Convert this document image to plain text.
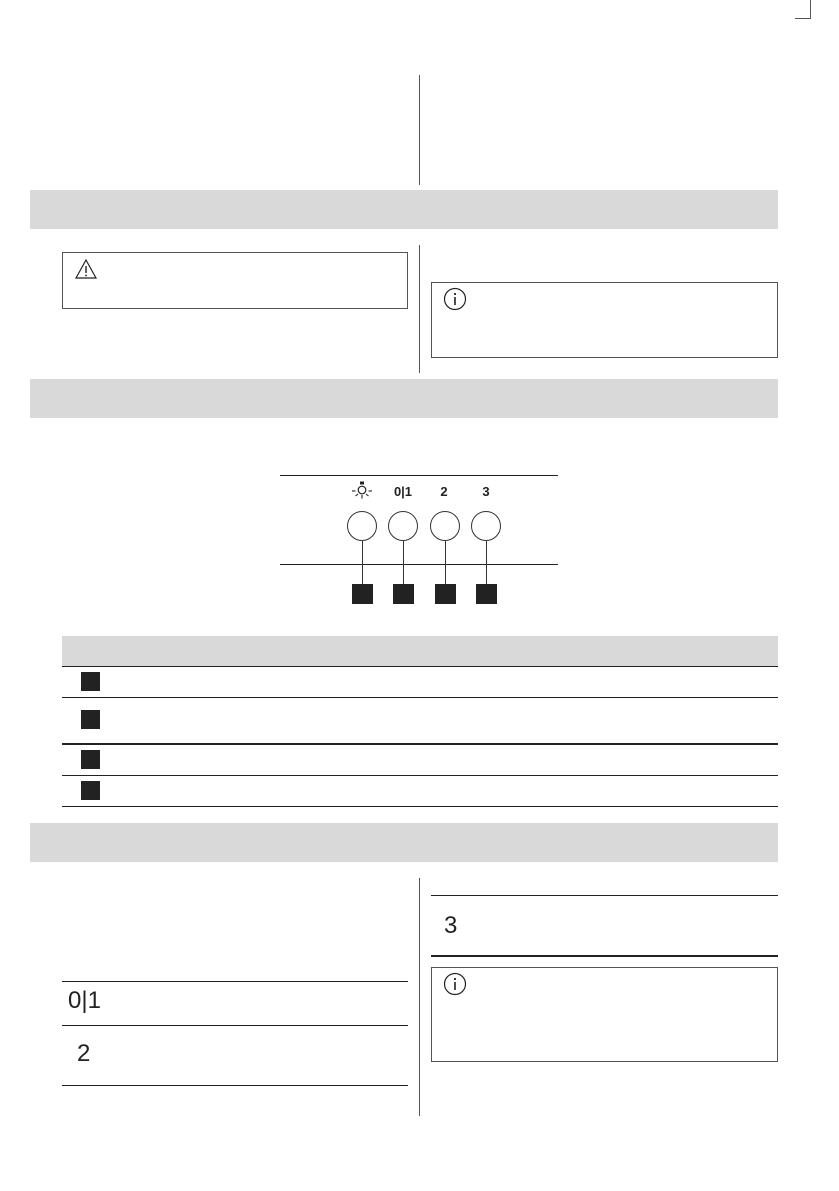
0|1	2	3
0|1
2
3
